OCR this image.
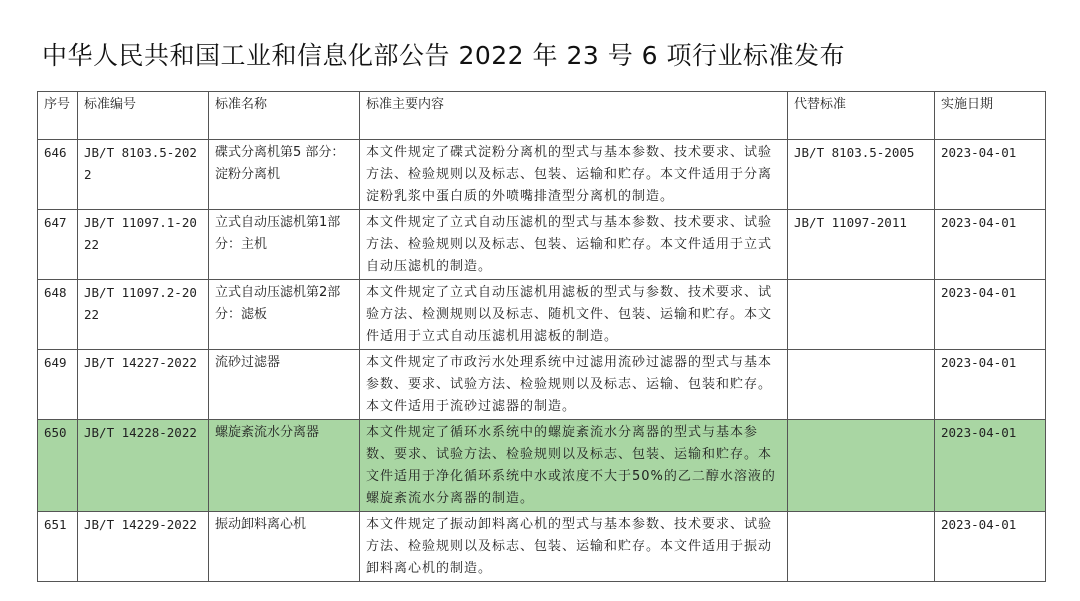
中华人民共和国工业和信息化部公告 2022 年 23 号 6 项行业标准发布
序号	标准编号	标准名称	标准主要内容	代替标准	实施日期
646	JB/T 8103.5-2022	碟式分离机第5 部分：淀粉分离机	本文件规定了碟式淀粉分离机的型式与基本参数、技术要求、试验方法、检验规则以及标志、包装、运输和贮存。本文件适用于分离淀粉乳浆中蛋白质的外喷嘴排渣型分离机的制造。	JB/T 8103.5-2005	2023-04-01
647	JB/T 11097.1-2022	立式自动压滤机第1部分：主机	本文件规定了立式自动压滤机的型式与基本参数、技术要求、试验方法、检验规则以及标志、包装、运输和贮存。本文件适用于立式自动压滤机的制造。	JB/T 11097-2011	2023-04-01
648	JB/T 11097.2-2022	立式自动压滤机第2部分：滤板	本文件规定了立式自动压滤机用滤板的型式与参数、技术要求、试验方法、检测规则以及标志、随机文件、包装、运输和贮存。本文件适用于立式自动压滤机用滤板的制造。		2023-04-01
649	JB/T 14227-2022	流砂过滤器	本文件规定了市政污水处理系统中过滤用流砂过滤器的型式与基本参数、要求、试验方法、检验规则以及标志、运输、包装和贮存。本文件适用于流砂过滤器的制造。		2023-04-01
650	JB/T 14228-2022	螺旋紊流水分离器	本文件规定了循环水系统中的螺旋紊流水分离器的型式与基本参数、要求、试验方法、检验规则以及标志、包装、运输和贮存。本文件适用于净化循环系统中水或浓度不大于50%的乙二醇水溶液的螺旋紊流水分离器的制造。		2023-04-01
651	JB/T 14229-2022	振动卸料离心机	本文件规定了振动卸料离心机的型式与基本参数、技术要求、试验方法、检验规则以及标志、包装、运输和贮存。本文件适用于振动卸料离心机的制造。		2023-04-01
